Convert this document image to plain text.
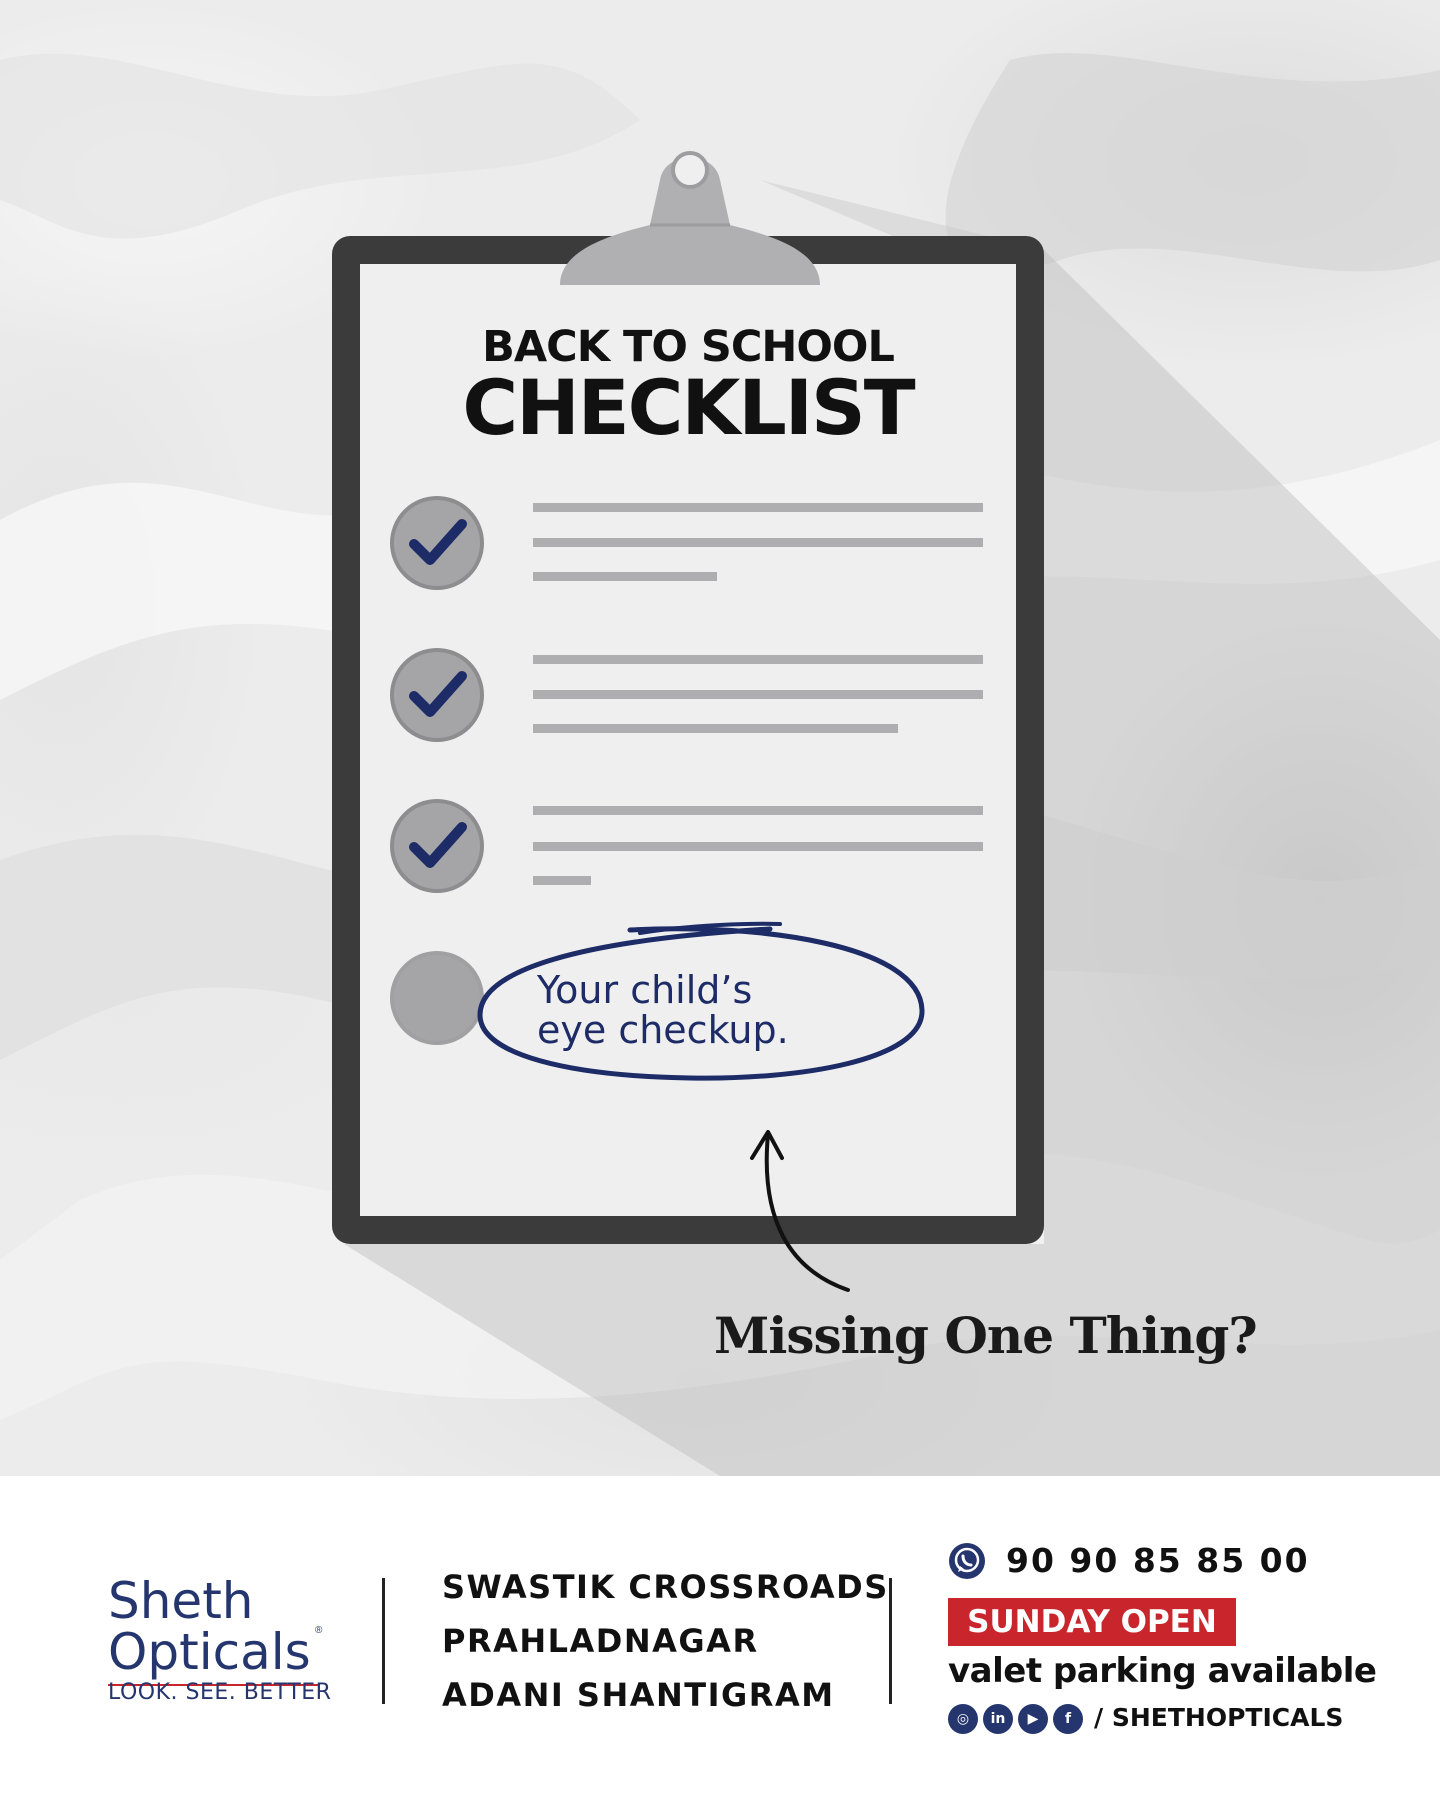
BACK TO SCHOOL
CHECKLIST
Your child’s
eye checkup.
Missing One Thing?
Sheth
Opticals ®
LOOK. SEE. BETTER
SWASTIK CROSSROADS
PRAHLADNAGAR
ADANI SHANTIGRAM
90 90 85 85 00
SUNDAY OPEN
valet parking available
◎	in	▶	f / SHETHOPTICALS
